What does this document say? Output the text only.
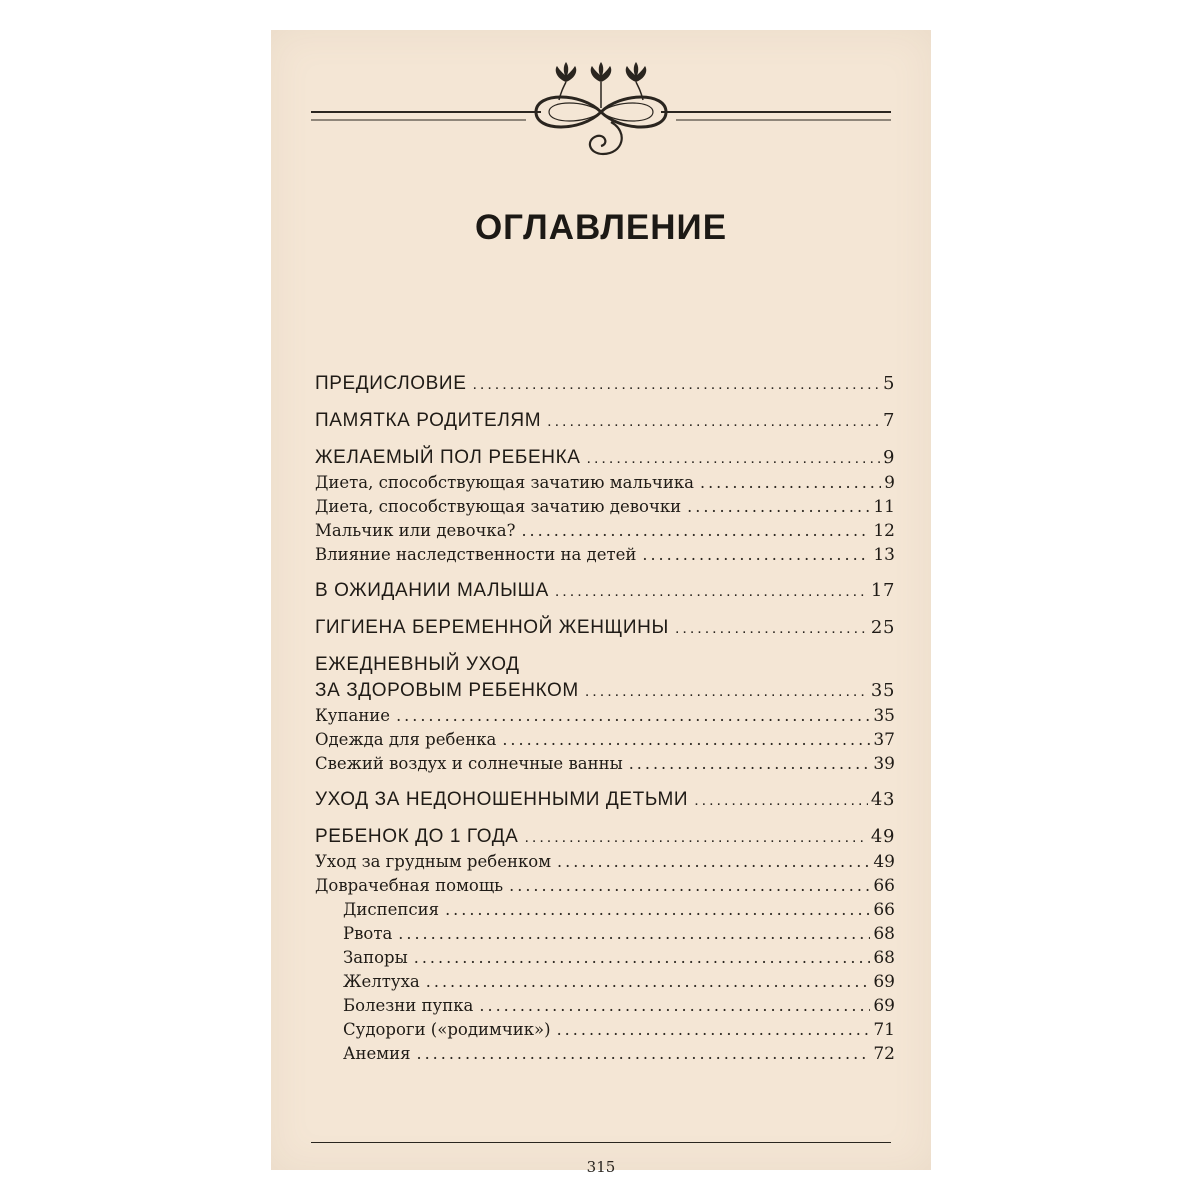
ОГЛАВЛЕНИЕ
ПРЕДИСЛОВИЕ .....	5
ПАМЯТКА РОДИТЕЛЯМ .....	7
ЖЕЛАЕМЫЙ ПОЛ РЕБЕНКА .....	9
Диета, способствующая зачатию мальчика .....	9
Диета, способствующая зачатию девочки .....	11
Мальчик или девочка? .....	12
Влияние наследственности на детей .....	13
В ОЖИДАНИИ МАЛЫША .....	17
ГИГИЕНА БЕРЕМЕННОЙ ЖЕНЩИНЫ .....	25
ЕЖЕДНЕВНЫЙ УХОД
ЗА ЗДОРОВЫМ РЕБЕНКОМ .....	35
Купание .....	35
Одежда для ребенка .....	37
Свежий воздух и солнечные ванны .....	39
УХОД ЗА НЕДОНОШЕННЫМИ ДЕТЬМИ .....	43
РЕБЕНОК ДО 1 ГОДА .....	49
Уход за грудным ребенком .....	49
Доврачебная помощь .....	66
Диспепсия .....	66
Рвота .....	68
Запоры .....	68
Желтуха .....	69
Болезни пупка .....	69
Судороги («родимчик») .....	71
Анемия .....	72
315
